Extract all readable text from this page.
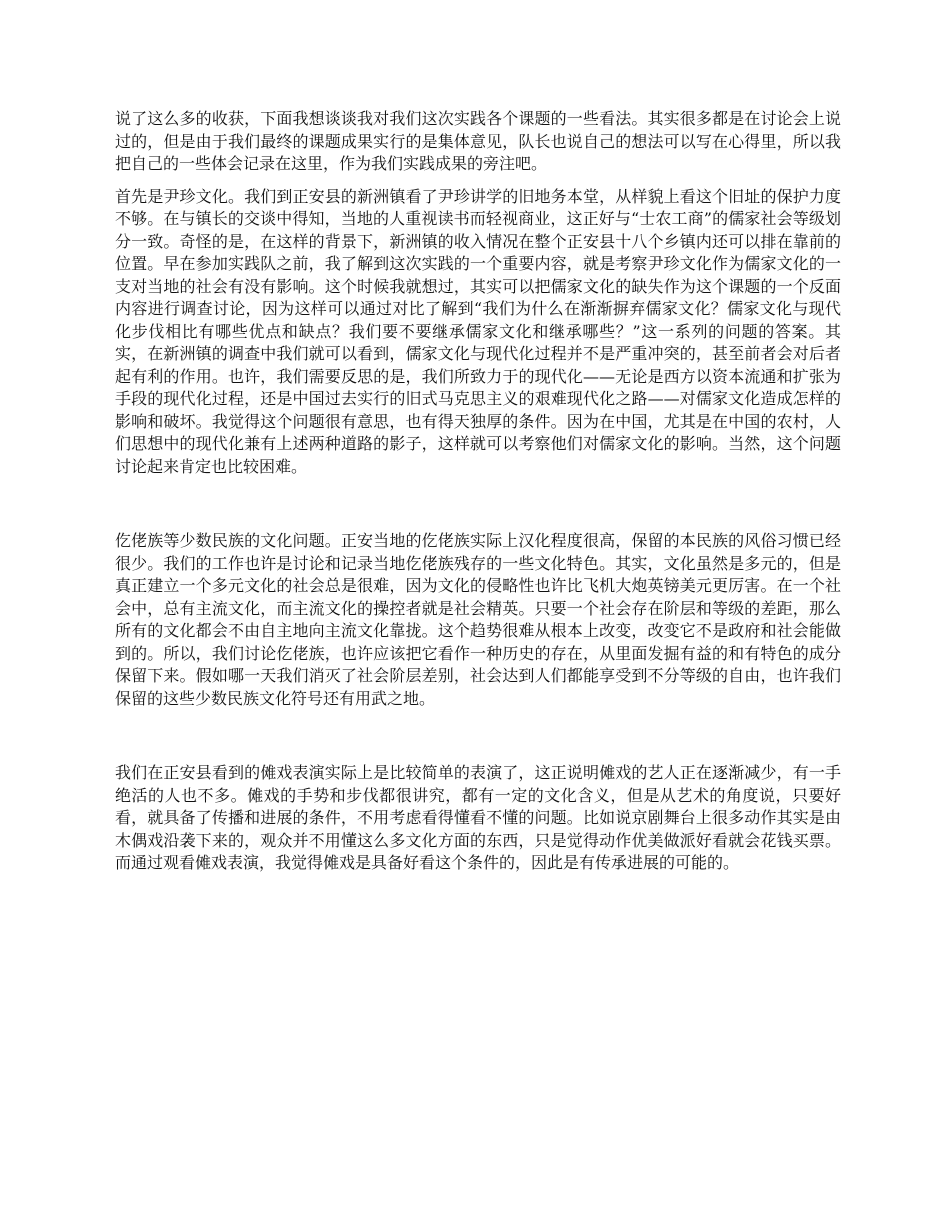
说了这么多的收获，下面我想谈谈我对我们这次实践各个课题的一些看法。其实很多都是在讨论会上说过的，但是由于我们最终的课题成果实行的是集体意见，队长也说自己的想法可以写在心得里，所以我把自己的一些体会记录在这里，作为我们实践成果的旁注吧。

首先是尹珍文化。我们到正安县的新洲镇看了尹珍讲学的旧地务本堂，从样貌上看这个旧址的保护力度不够。在与镇长的交谈中得知，当地的人重视读书而轻视商业，这正好与“士农工商”的儒家社会等级划分一致。奇怪的是，在这样的背景下，新洲镇的收入情况在整个正安县十八个乡镇内还可以排在靠前的位置。早在参加实践队之前，我了解到这次实践的一个重要内容，就是考察尹珍文化作为儒家文化的一支对当地的社会有没有影响。这个时候我就想过，其实可以把儒家文化的缺失作为这个课题的一个反面内容进行调查讨论，因为这样可以通过对比了解到“我们为什么在渐渐摒弃儒家文化？儒家文化与现代化步伐相比有哪些优点和缺点？我们要不要继承儒家文化和继承哪些？”这一系列的问题的答案。其实，在新洲镇的调查中我们就可以看到，儒家文化与现代化过程并不是严重冲突的，甚至前者会对后者起有利的作用。也许，我们需要反思的是，我们所致力于的现代化——无论是西方以资本流通和扩张为手段的现代化过程，还是中国过去实行的旧式马克思主义的艰难现代化之路——对儒家文化造成怎样的影响和破坏。我觉得这个问题很有意思，也有得天独厚的条件。因为在中国，尤其是在中国的农村，人们思想中的现代化兼有上述两种道路的影子，这样就可以考察他们对儒家文化的影响。当然，这个问题讨论起来肯定也比较困难。

仡佬族等少数民族的文化问题。正安当地的仡佬族实际上汉化程度很高，保留的本民族的风俗习惯已经很少。我们的工作也许是讨论和记录当地仡佬族残存的一些文化特色。其实，文化虽然是多元的，但是真正建立一个多元文化的社会总是很难，因为文化的侵略性也许比飞机大炮英镑美元更厉害。在一个社会中，总有主流文化，而主流文化的操控者就是社会精英。只要一个社会存在阶层和等级的差距，那么所有的文化都会不由自主地向主流文化靠拢。这个趋势很难从根本上改变，改变它不是政府和社会能做到的。所以，我们讨论仡佬族，也许应该把它看作一种历史的存在，从里面发掘有益的和有特色的成分保留下来。假如哪一天我们消灭了社会阶层差别，社会达到人们都能享受到不分等级的自由，也许我们保留的这些少数民族文化符号还有用武之地。

我们在正安县看到的傩戏表演实际上是比较简单的表演了，这正说明傩戏的艺人正在逐渐减少，有一手绝活的人也不多。傩戏的手势和步伐都很讲究，都有一定的文化含义，但是从艺术的角度说，只要好看，就具备了传播和进展的条件，不用考虑看得懂看不懂的问题。比如说京剧舞台上很多动作其实是由木偶戏沿袭下来的，观众并不用懂这么多文化方面的东西，只是觉得动作优美做派好看就会花钱买票。而通过观看傩戏表演，我觉得傩戏是具备好看这个条件的，因此是有传承进展的可能的。
